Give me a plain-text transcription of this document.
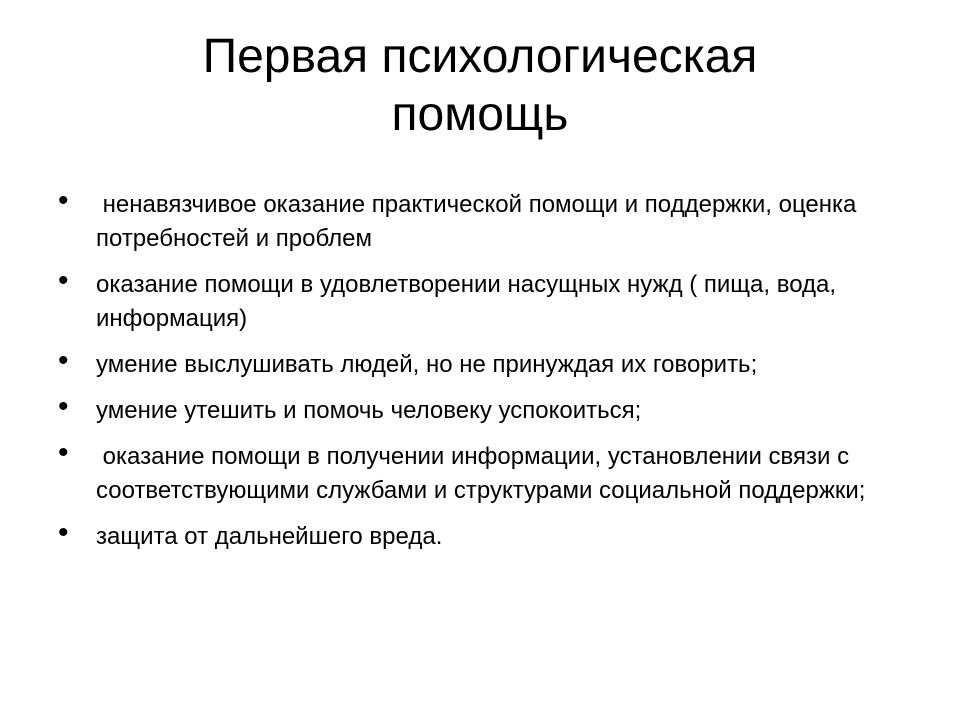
Первая психологическая
помощь
• ненавязчивое оказание практической помощи и поддержки, оценка потребностей и проблем
• оказание помощи в удовлетворении насущных нужд ( пища, вода, информация)
• умение выслушивать людей, но не принуждая их говорить;
• умение утешить и помочь человеку успокоиться;
• оказание помощи в получении информации, установлении связи с соответствующими службами и структурами социальной поддержки;
• защита от дальнейшего вреда.
